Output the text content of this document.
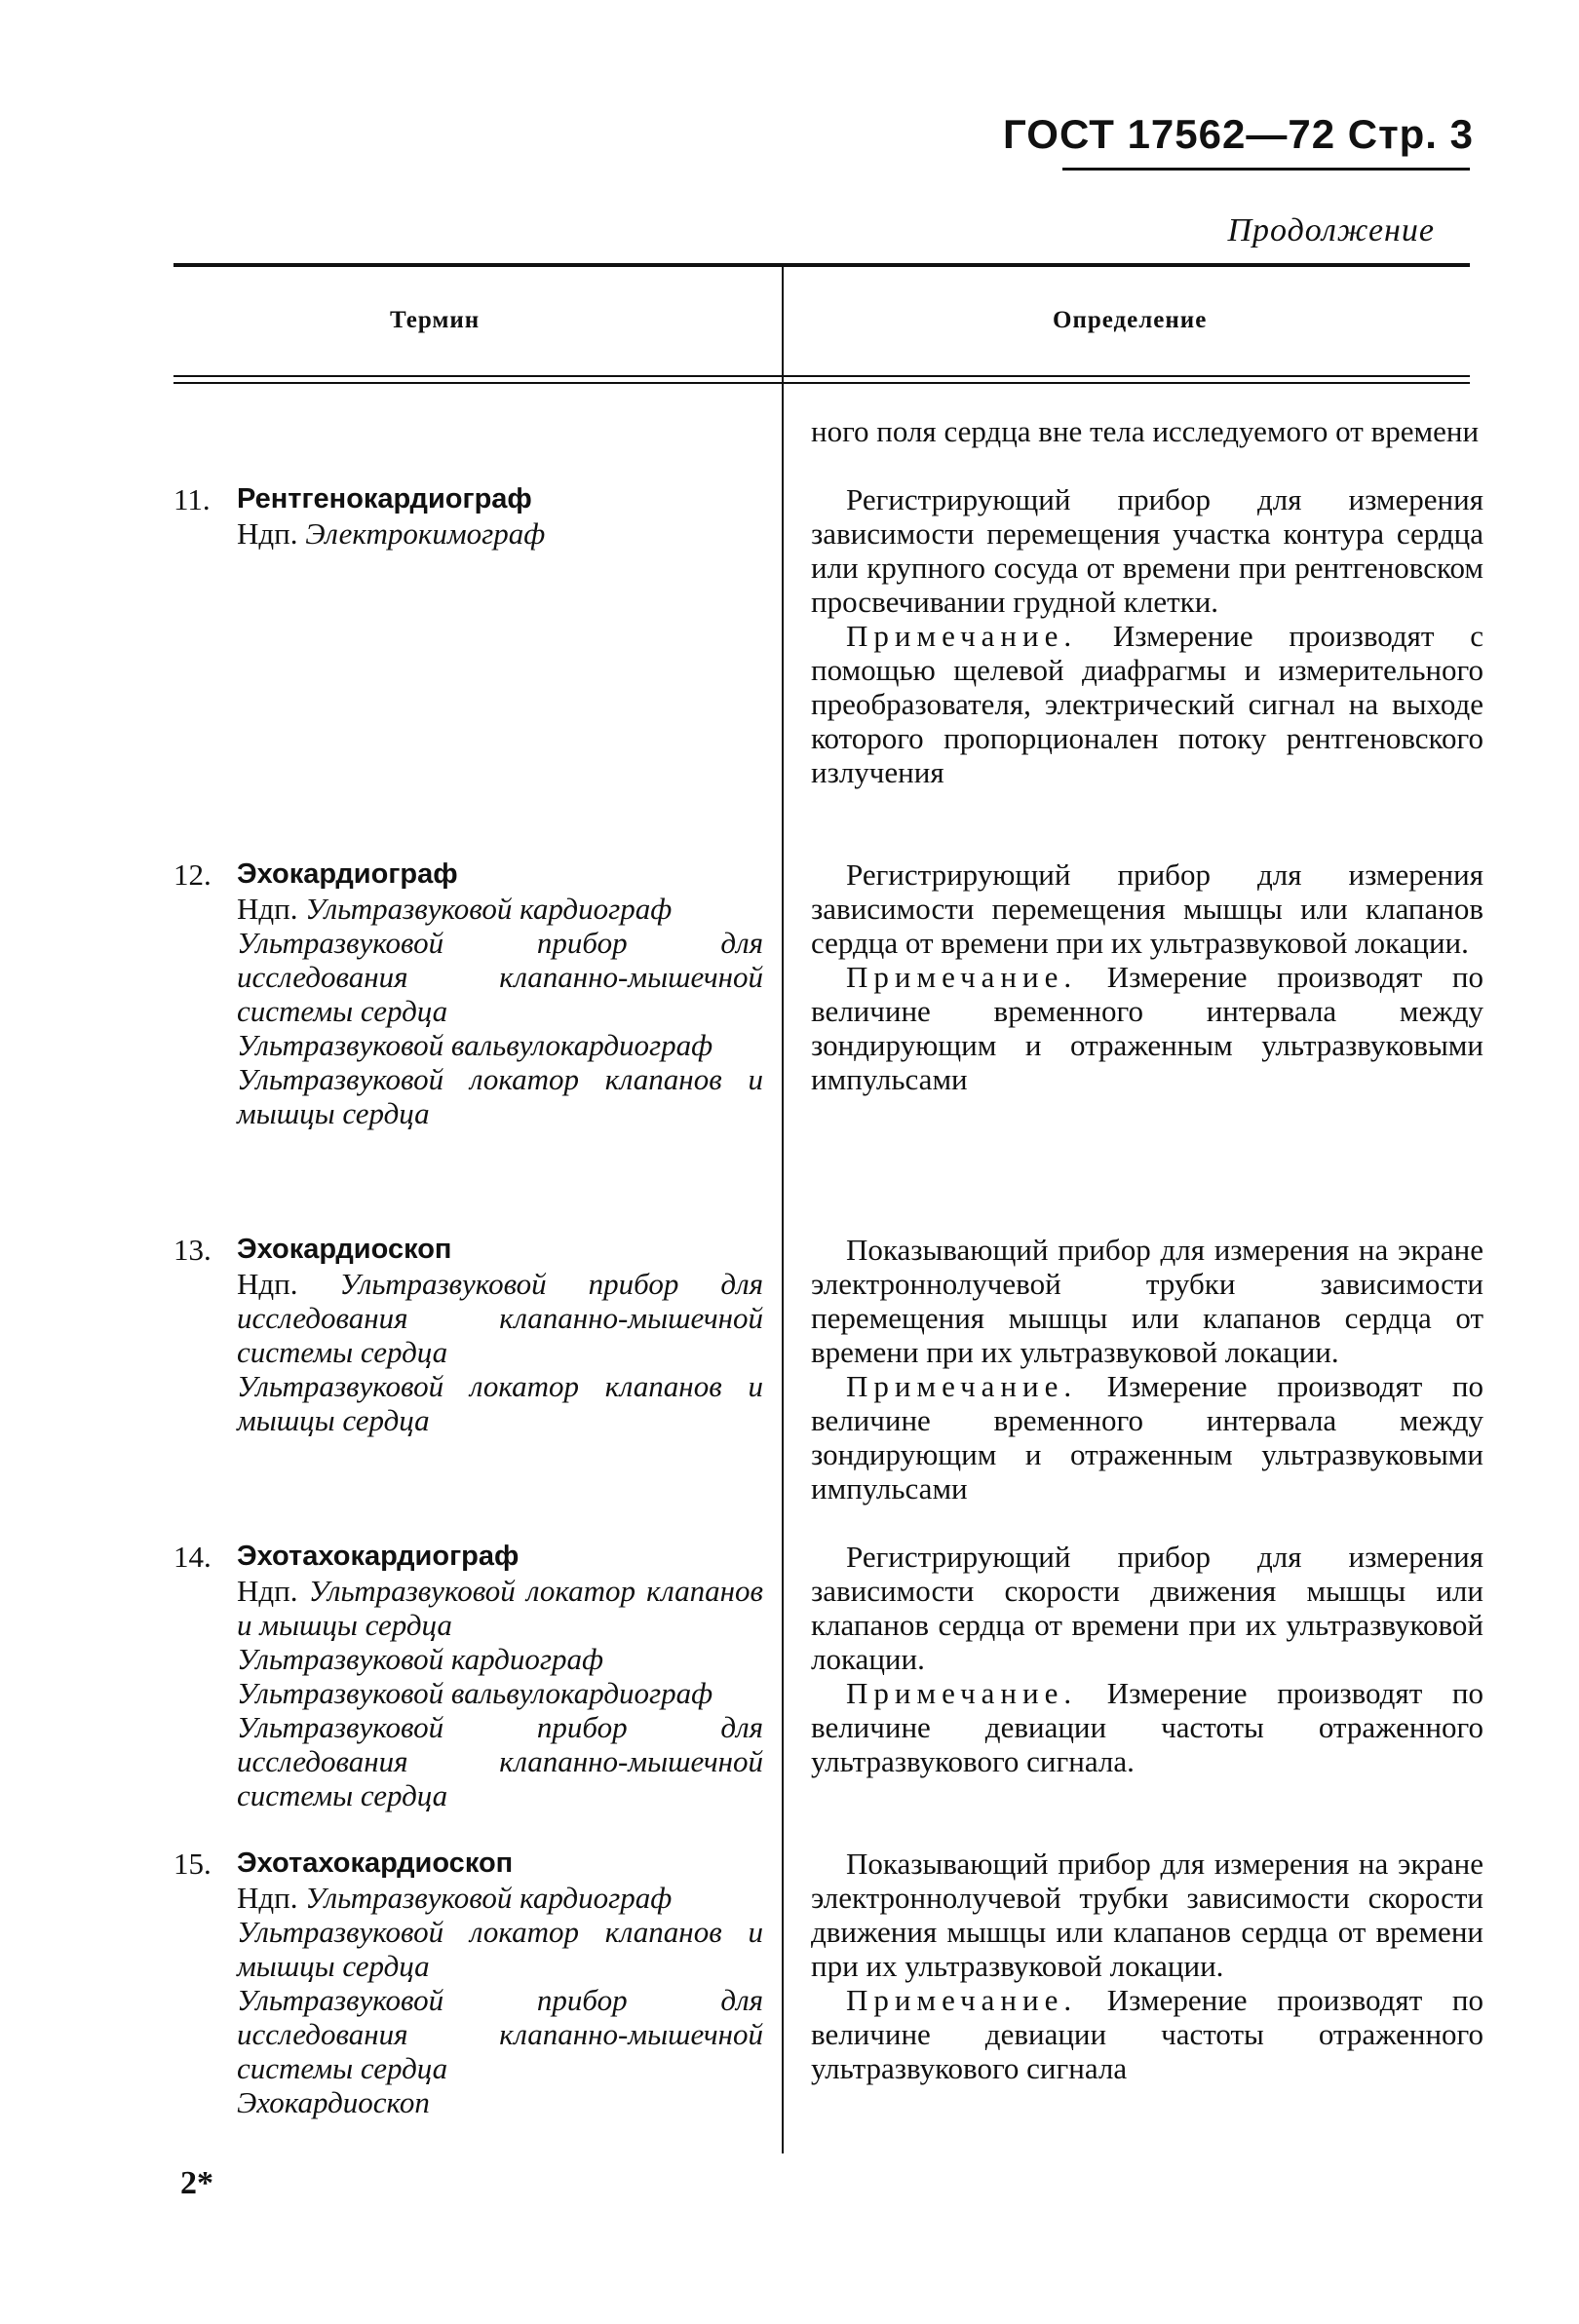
ГОСТ 17562—72 Стр. 3
Продолжение
Термин	Определение

ного поля сердца вне тела исследуемого от времени

11. Рентгенокардиограф
Ндп. Электрокимограф

Регистрирующий прибор для измерения зависимости перемещения участка контура сердца или крупного сосуда от времени при рентгеновском просвечивании грудной клетки.

Примечание. Измерение производят с помощью щелевой диафрагмы и измерительного преобразователя, электрический сигнал на выходе которого пропорционален потоку рентгеновского излучения

12. Эхокардиограф
Ндп. Ультразвуковой кардиограф
Ультразвуковой прибор для исследования клапанно-мышечной системы сердца
Ультразвуковой вальвулокардиограф
Ультразвуковой локатор клапанов и мышцы сердца

Регистрирующий прибор для измерения зависимости перемещения мышцы или клапанов сердца от времени при их ультразвуковой локации.

Примечание. Измерение производят по величине временного интервала между зондирующим и отраженным ультразвуковыми импульсами

13. Эхокардиоскоп
Ндп. Ультразвуковой прибор для исследования клапанно-мышечной системы сердца
Ультразвуковой локатор клапанов и мышцы сердца

Показывающий прибор для измерения на экране электроннолучевой трубки зависимости перемещения мышцы или клапанов сердца от времени при их ультразвуковой локации.

Примечание. Измерение производят по величине временного интервала между зондирующим и отраженным ультразвуковыми импульсами

14. Эхотахокардиограф
Ндп. Ультразвуковой локатор клапанов и мышцы сердца
Ультразвуковой кардиограф
Ультразвуковой вальвулокардиограф
Ультразвуковой прибор для исследования клапанно-мышечной системы сердца

Регистрирующий прибор для измерения зависимости скорости движения мышцы или клапанов сердца от времени при их ультразвуковой локации.

Примечание. Измерение производят по величине девиации частоты отраженного ультразвукового сигнала.

15. Эхотахокардиоскоп
Ндп. Ультразвуковой кардиограф
Ультразвуковой локатор клапанов и мышцы сердца
Ультразвуковой прибор для исследования клапанно-мышечной системы сердца
Эхокардиоскоп

Показывающий прибор для измерения на экране электроннолучевой трубки зависимости скорости движения мышцы или клапанов сердца от времени при их ультразвуковой локации.

Примечание. Измерение производят по величине девиации частоты отраженного ультразвукового сигнала

2*
